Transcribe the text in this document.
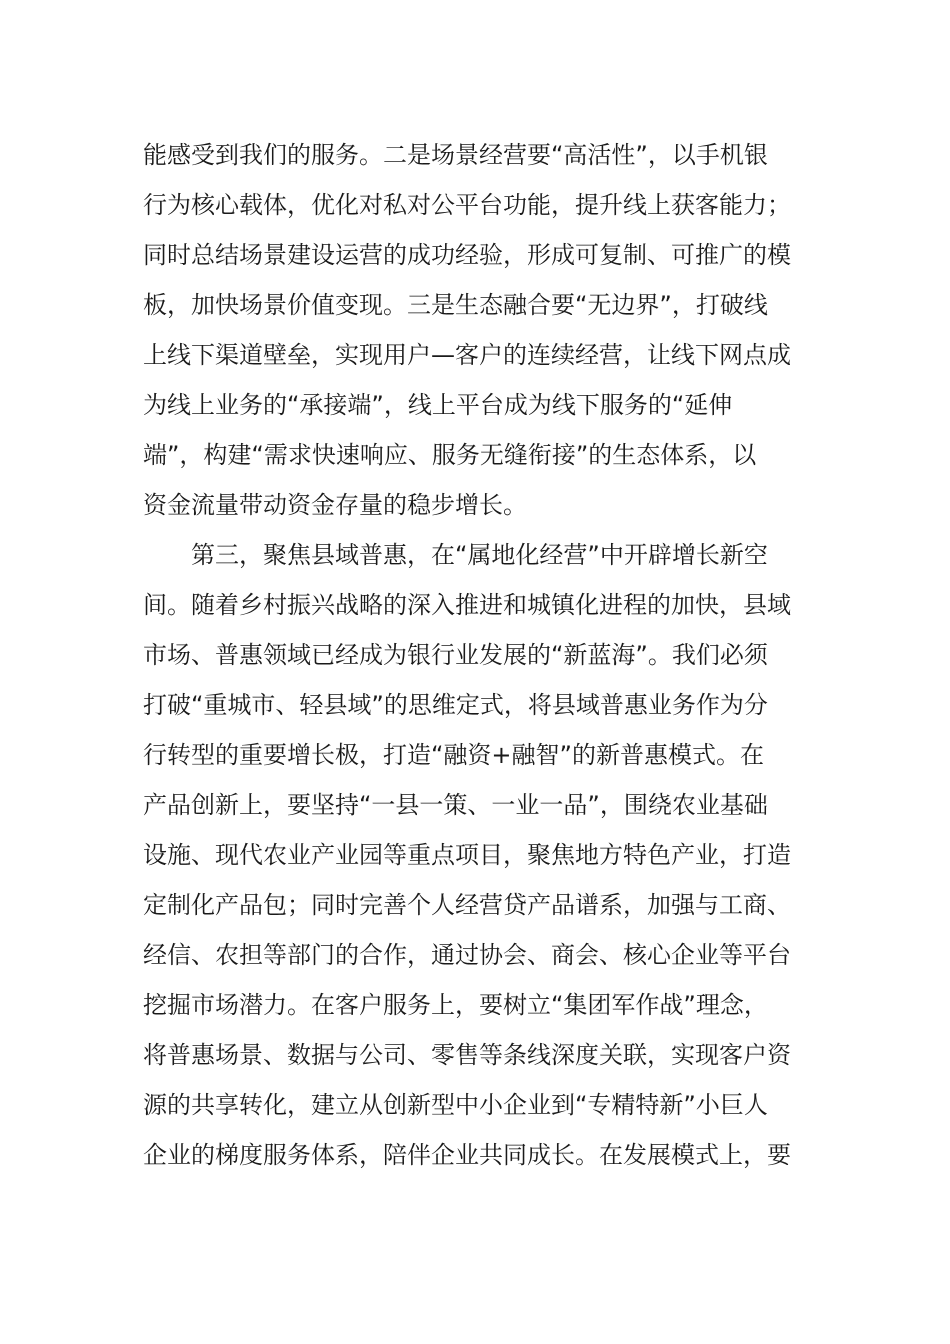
能感受到我们的服务。二是场景经营要“高活性”，以手机银
行为核心载体，优化对私对公平台功能，提升线上获客能力；
同时总结场景建设运营的成功经验，形成可复制、可推广的模
板，加快场景价值变现。三是生态融合要“无边界”，打破线
上线下渠道壁垒，实现用户—客户的连续经营，让线下网点成
为线上业务的“承接端”，线上平台成为线下服务的“延伸
端”，构建“需求快速响应、服务无缝衔接”的生态体系，以
资金流量带动资金存量的稳步增长。
　　第三，聚焦县域普惠，在“属地化经营”中开辟增长新空
间。随着乡村振兴战略的深入推进和城镇化进程的加快，县域
市场、普惠领域已经成为银行业发展的“新蓝海”。我们必须
打破“重城市、轻县域”的思维定式，将县域普惠业务作为分
行转型的重要增长极，打造“融资+融智”的新普惠模式。在
产品创新上，要坚持“一县一策、一业一品”，围绕农业基础
设施、现代农业产业园等重点项目，聚焦地方特色产业，打造
定制化产品包；同时完善个人经营贷产品谱系，加强与工商、
经信、农担等部门的合作，通过协会、商会、核心企业等平台
挖掘市场潜力。在客户服务上，要树立“集团军作战”理念，
将普惠场景、数据与公司、零售等条线深度关联，实现客户资
源的共享转化，建立从创新型中小企业到“专精特新”小巨人
企业的梯度服务体系，陪伴企业共同成长。在发展模式上，要
